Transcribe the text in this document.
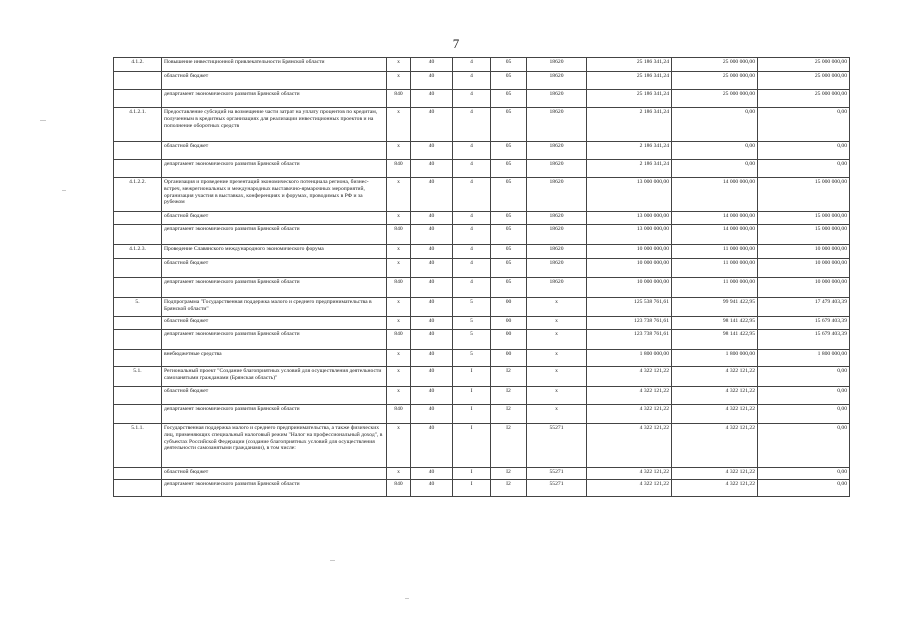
7
4.1.2.	Повышение инвестиционной привлекательности Брянской области	х	40	4	05	18620	25 186 341,24	25 000 000,00	25 000 000,00
	областной бюджет	х	40	4	05	18620	25 186 341,24	25 000 000,00	25 000 000,00
	департамент экономического развития Брянской области	840	40	4	05	18620	25 186 341,24	25 000 000,00	25 000 000,00
4.1.2.1.	Предоставление субсидий на возмещение части затрат на уплату процентов по кредитам, полученным в кредитных организациях для реализации инвестиционных проектов и на пополнение оборотных средств	х	40	4	05	18620	2 186 341,24	0,00	0,00
	областной бюджет	х	40	4	05	18620	2 186 341,24	0,00	0,00
	департамент экономического развития Брянской области	840	40	4	05	18620	2 186 341,24	0,00	0,00
4.1.2.2.	Организация и проведение презентаций экономического потенциала региона, бизнес-встреч, межрегиональных и международных выставочно-ярмарочных мероприятий, организация участия в выставках, конференциях и форумах, проводимых в РФ и за рубежом	х	40	4	05	18620	13 000 000,00	14 000 000,00	15 000 000,00
	областной бюджет	х	40	4	05	18620	13 000 000,00	14 000 000,00	15 000 000,00
	департамент экономического развития Брянской области	840	40	4	05	18620	13 000 000,00	14 000 000,00	15 000 000,00
4.1.2.3.	Проведение Славянского международного экономического форума	х	40	4	05	18620	10 000 000,00	11 000 000,00	10 000 000,00
	областной бюджет	х	40	4	05	18620	10 000 000,00	11 000 000,00	10 000 000,00
	департамент экономического развития Брянской области	840	40	4	05	18620	10 000 000,00	11 000 000,00	10 000 000,00
5.	Подпрограмма "Государственная поддержка малого и среднего предпринимательства в Брянской области"	х	40	5	00	х	125 538 761,61	99 941 422,95	17 479 403,39
	областной бюджет	х	40	5	00	х	123 738 761,61	98 141 422,95	15 679 403,39
	департамент экономического развития Брянской области	840	40	5	00	х	123 738 761,61	98 141 422,95	15 679 403,39
	внебюджетные средства	х	40	5	00	х	1 800 000,00	1 800 000,00	1 800 000,00
5.1.	Региональный проект "Создание благоприятных условий для осуществления деятельности самозанятыми гражданами (Брянская область)"	х	40	I	I2	х	4 322 121,22	4 322 121,22	0,00
	областной бюджет	х	40	I	I2	х	4 322 121,22	4 322 121,22	0,00
	департамент экономического развития Брянской области	840	40	I	I2	х	4 322 121,22	4 322 121,22	0,00
5.1.1.	Государственная поддержка малого и среднего предпринимательства, а также физических лиц, применяющих специальный налоговый режим "Налог на профессиональный доход", в субъектах Российской Федерации (создание благоприятных условий для осуществления деятельности самозанятыми гражданами), в том числе:	х	40	I	I2	55271	4 322 121,22	4 322 121,22	0,00
	областной бюджет	х	40	I	I2	55271	4 322 121,22	4 322 121,22	0,00
	департамент экономического развития Брянской области	840	40	I	I2	55271	4 322 121,22	4 322 121,22	0,00
